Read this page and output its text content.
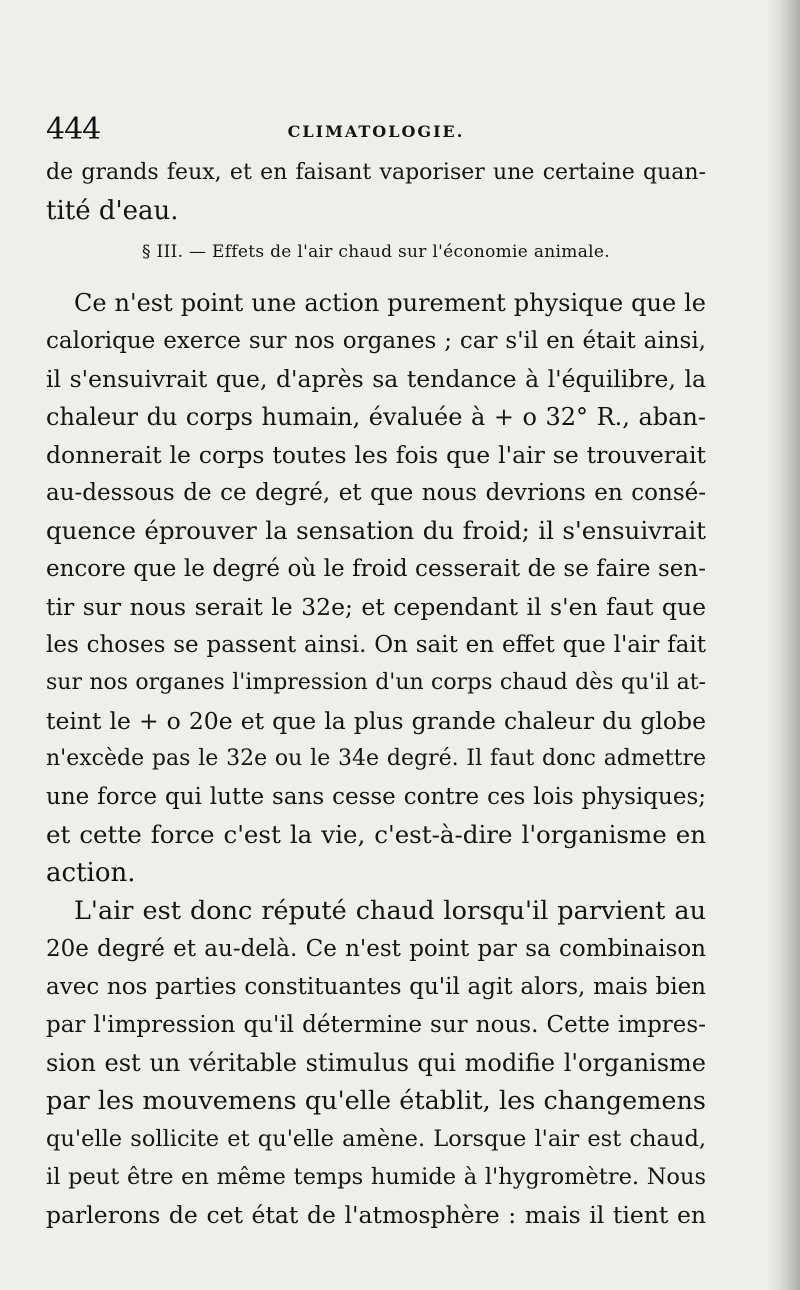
444	CLIMATOLOGIE.
de grands feux, et en faisant vaporiser une certaine quan-
tité d'eau.
§ III. — Effets de l'air chaud sur l'économie animale.
Ce n'est point une action purement physique que le
calorique exerce sur nos organes ; car s'il en était ainsi,
il s'ensuivrait que, d'après sa tendance à l'équilibre, la
chaleur du corps humain, évaluée à + o 32° R., aban-
donnerait le corps toutes les fois que l'air se trouverait
au-dessous de ce degré, et que nous devrions en consé-
quence éprouver la sensation du froid; il s'ensuivrait
encore que le degré où le froid cesserait de se faire sen-
tir sur nous serait le 32e; et cependant il s'en faut que
les choses se passent ainsi. On sait en effet que l'air fait
sur nos organes l'impression d'un corps chaud dès qu'il at-
teint le + o 20e et que la plus grande chaleur du globe
n'excède pas le 32e ou le 34e degré. Il faut donc admettre
une force qui lutte sans cesse contre ces lois physiques;
et cette force c'est la vie, c'est-à-dire l'organisme en
action.
L'air est donc réputé chaud lorsqu'il parvient au
20e degré et au-delà. Ce n'est point par sa combinaison
avec nos parties constituantes qu'il agit alors, mais bien
par l'impression qu'il détermine sur nous. Cette impres-
sion est un véritable stimulus qui modifie l'organisme
par les mouvemens qu'elle établit, les changemens
qu'elle sollicite et qu'elle amène. Lorsque l'air est chaud,
il peut être en même temps humide à l'hygromètre. Nous
parlerons de cet état de l'atmosphère : mais il tient en
